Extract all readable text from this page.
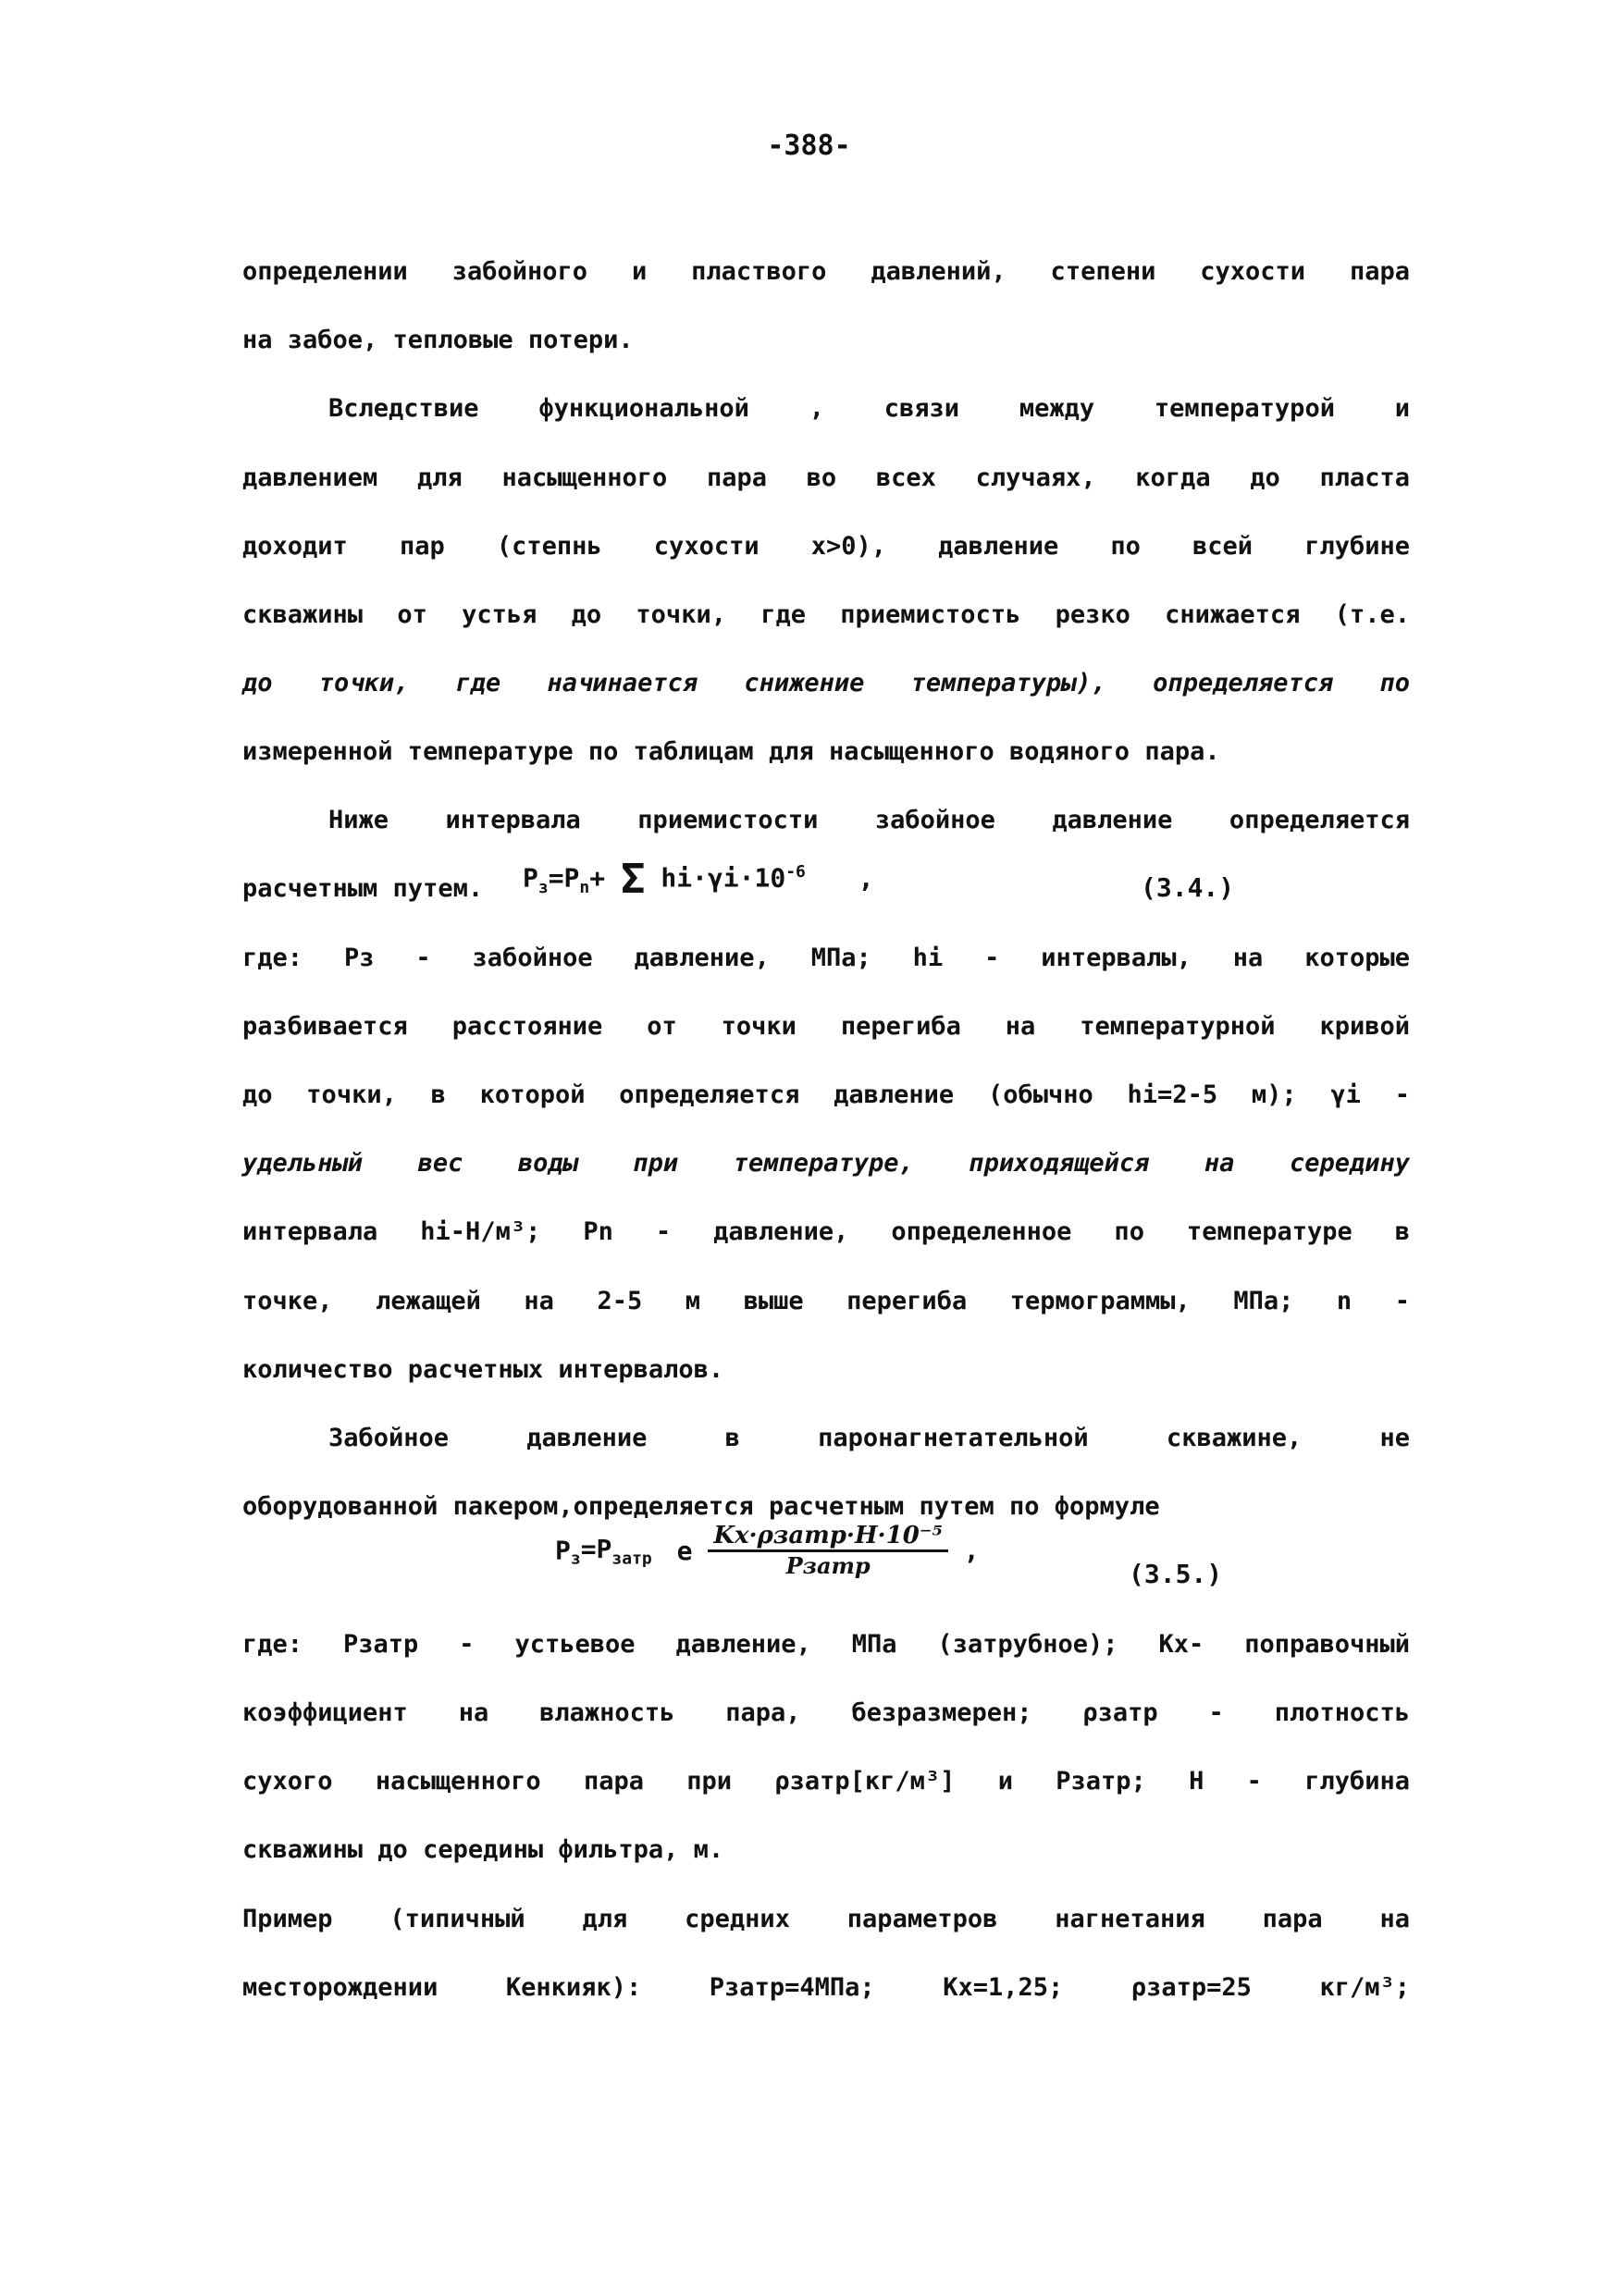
-388-
определении забойного и пластвого давлений, степени сухости пара
на забое, тепловые потери.
Вследствие функциональной , связи между температурой и
давлением для насыщенного пара во всех случаях, когда до пласта
доходит пар (степнь сухости x>0), давление по всей глубине
скважины от устья до точки, где приемистость резко снижается (т.е.
до точки, где начинается снижение температуры), определяется по
измеренной температуре по таблицам для насыщенного водяного пара.
Ниже интервала приемистости забойное давление определяется
расчетным путем.	$P_з=P_n+ \Sigma$ $hi\cdot\gamma i\cdot 10^{-6}$ ,	(3.4.)
где: Pз - забойное давление, МПа; hi - интервалы, на которые
разбивается расстояние от точки перегиба на температурной кривой
до точки, в которой определяется давление (обычно hi=2-5 м); γi -
удельный вес воды при температуре, приходящейся на середину
интервала hi-H/м³; Pn - давление, определенное по температуре в
точке, лежащей на 2-5 м выше перегиба термограммы, МПа; n -
количество расчетных интервалов.
Забойное давление в паронагнетательной скважине, не
оборудованной пакером,определяется расчетным путем по формуле
$P_з=P_{затр}$ e $\frac{\text{Kx·ρзатр·H·10⁻⁵}}{\text{Pзатр}}$ ,
(3.5.)
где: Pзатр - устьевое давление, МПа (затрубное); Kx- поправочный
коэффициент на влажность пара, безразмерен; ρзатр - плотность
сухого насыщенного пара при ρзатр[кг/м³] и Pзатр; H - глубина
скважины до середины фильтра, м.
Пример (типичный для средних параметров нагнетания пара на
месторождении Кенкияк): Pзатр=4МПа; Kx=1,25; ρзатр=25 кг/м³;
